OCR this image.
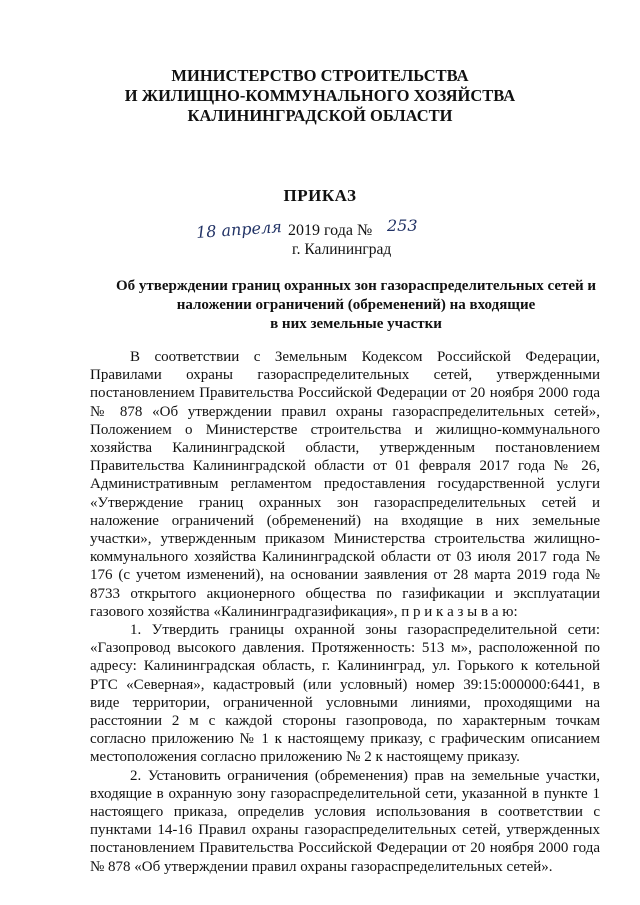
МИНИСТЕРСТВО СТРОИТЕЛЬСТВА
И ЖИЛИЩНО-КОММУНАЛЬНОГО ХОЗЯЙСТВА
КАЛИНИНГРАДСКОЙ ОБЛАСТИ
ПРИКАЗ
18 апреля 2019 года № 253
г. Калининград
Об утверждении границ охранных зон газораспределительных сетей и
наложении ограничений (обременений) на входящие
в них земельные участки

В соответствии с Земельным Кодексом Российской Федерации, Правилами охраны газораспределительных сетей, утвержденными постановлением Правительства Российской Федерации от 20 ноября 2000 года № 878 «Об утверждении правил охраны газораспределительных сетей», Положением о Министерстве строительства и жилищно-коммунального хозяйства Калининградской области, утвержденным постановлением Правительства Калининградской области от 01 февраля 2017 года № 26, Административным регламентом предоставления государственной услуги «Утверждение границ охранных зон газораспределительных сетей и наложение ограничений (обременений) на входящие в них земельные участки», утвержденным приказом Министерства строительства жилищно-коммунального хозяйства Калининградской области от 03 июля 2017 года № 176 (с учетом изменений), на основании заявления от 28 марта 2019 года № 8733 открытого акционерного общества по газификации и эксплуатации газового хозяйства «Калининградгазификация», п р и к а з ы в а ю:

1. Утвердить границы охранной зоны газораспределительной сети: «Газопровод высокого давления. Протяженность: 513 м», расположенной по адресу: Калининградская область, г. Калининград, ул. Горького к котельной РТС «Северная», кадастровый (или условный) номер 39:15:000000:6441, в виде территории, ограниченной условными линиями, проходящими на расстоянии 2 м с каждой стороны газопровода, по характерным точкам согласно приложению № 1 к настоящему приказу, с графическим описанием местоположения согласно приложению № 2 к настоящему приказу.

2. Установить ограничения (обременения) прав на земельные участки, входящие в охранную зону газораспределительной сети, указанной в пункте 1 настоящего приказа, определив условия использования в соответствии с пунктами 14-16 Правил охраны газораспределительных сетей, утвержденных постановлением Правительства Российской Федерации от 20 ноября 2000 года № 878 «Об утверждении правил охраны газораспределительных сетей».
